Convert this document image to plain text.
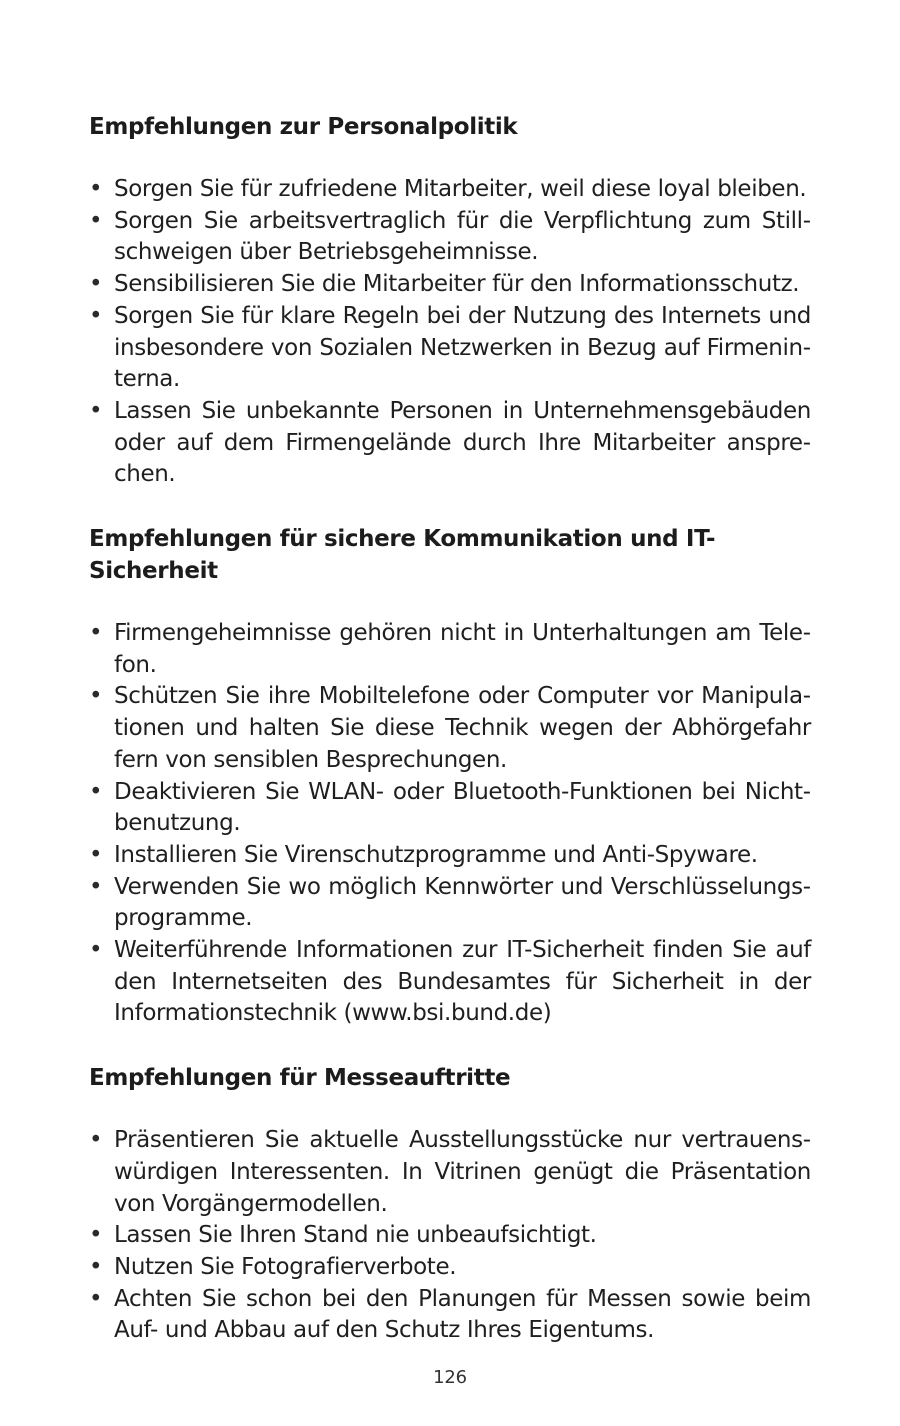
Empfehlungen zur Personalpolitik
• Sorgen Sie für zufriedene Mitarbeiter, weil diese loyal bleiben.
• Sorgen Sie arbeitsvertraglich für die Verpflichtung zum Stillschweigen über Betriebsgeheimnisse.
• Sensibilisieren Sie die Mitarbeiter für den Informationsschutz.
• Sorgen Sie für klare Regeln bei der Nutzung des Internets und insbesondere von Sozialen Netzwerken in Bezug auf Firmeninterna.
• Lassen Sie unbekannte Personen in Unternehmensgebäuden oder auf dem Firmengelände durch Ihre Mitarbeiter ansprechen.
Empfehlungen für sichere Kommunikation und IT-Sicherheit
• Firmengeheimnisse gehören nicht in Unterhaltungen am Telefon.
• Schützen Sie ihre Mobiltelefone oder Computer vor Manipulationen und halten Sie diese Technik wegen der Abhörgefahr fern von sensiblen Besprechungen.
• Deaktivieren Sie WLAN- oder Bluetooth-Funktionen bei Nichtbenutzung.
• Installieren Sie Virenschutzprogramme und Anti-Spyware.
• Verwenden Sie wo möglich Kennwörter und Verschlüsselungsprogramme.
• Weiterführende Informationen zur IT-Sicherheit finden Sie auf den Internetseiten des Bundesamtes für Sicherheit in der Informationstechnik (www.bsi.bund.de)
Empfehlungen für Messeauftritte
• Präsentieren Sie aktuelle Ausstellungsstücke nur vertrauenswürdigen Interessenten. In Vitrinen genügt die Präsentation von Vorgängermodellen.
• Lassen Sie Ihren Stand nie unbeaufsichtigt.
• Nutzen Sie Fotografierverbote.
• Achten Sie schon bei den Planungen für Messen sowie beim Auf- und Abbau auf den Schutz Ihres Eigentums.
126
